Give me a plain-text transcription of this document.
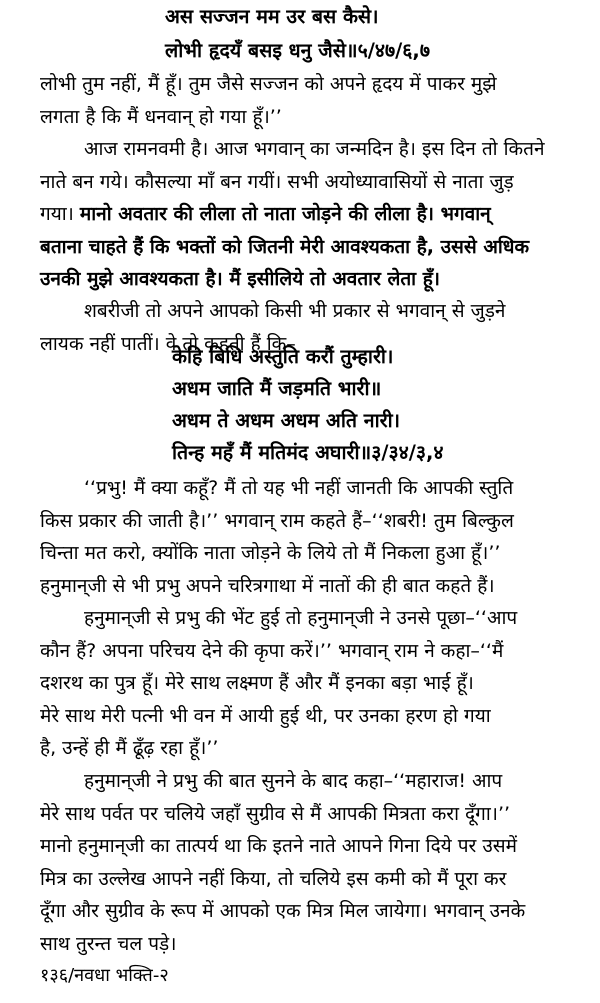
अस सज्जन मम उर बस कैसे।
लोभी हृदयँ बसइ धनु जैसे॥५/४७/६,७
लोभी तुम नहीं, मैं हूँ। तुम जैसे सज्जन को अपने हृदय में पाकर मुझे
लगता है कि मैं धनवान् हो गया हूँ।’’
आज रामनवमी है। आज भगवान् का जन्मदिन है। इस दिन तो कितने
नाते बन गये। कौसल्या माँ बन गयीं। सभी अयोध्यावासियों से नाता जुड़
गया। मानो अवतार की लीला तो नाता जोड़ने की लीला है। भगवान्
बताना चाहते हैं कि भक्तों को जितनी मेरी आवश्यकता है, उससे अधिक
उनकी मुझे आवश्यकता है। मैं इसीलिये तो अवतार लेता हूँ।
शबरीजी तो अपने आपको किसी भी प्रकार से भगवान् से जुड़ने
लायक नहीं पातीं। वे तो कहती हैं कि–
केहि बिधि अस्तुति करौं तुम्हारी।
अधम जाति मैं जड़मति भारी॥
अधम ते अधम अधम अति नारी।
तिन्ह महँ मैं मतिमंद अघारी॥३/३४/३,४
‘‘प्रभु! मैं क्या कहूँ? मैं तो यह भी नहीं जानती कि आपकी स्तुति
किस प्रकार की जाती है।’’ भगवान् राम कहते हैं–‘‘शबरी! तुम बिल्कुल
चिन्ता मत करो, क्योंकि नाता जोड़ने के लिये तो मैं निकला हुआ हूँ।’’
हनुमान्‌जी से भी प्रभु अपने चरित्रगाथा में नातों की ही बात कहते हैं।
हनुमान्‌जी से प्रभु की भेंट हुई तो हनुमान्‌जी ने उनसे पूछा–‘‘आप
कौन हैं? अपना परिचय देने की कृपा करें।’’ भगवान् राम ने कहा–‘‘मैं
दशरथ का पुत्र हूँ। मेरे साथ लक्ष्मण हैं और मैं इनका बड़ा भाई हूँ।
मेरे साथ मेरी पत्नी भी वन में आयी हुई थी, पर उनका हरण हो गया
है, उन्हें ही मैं ढूँढ़ रहा हूँ।’’
हनुमान्‌जी ने प्रभु की बात सुनने के बाद कहा–‘‘महाराज! आप
मेरे साथ पर्वत पर चलिये जहाँ सुग्रीव से मैं आपकी मित्रता करा दूँगा।’’
मानो हनुमान्‌जी का तात्पर्य था कि इतने नाते आपने गिना दिये पर उसमें
मित्र का उल्लेख आपने नहीं किया, तो चलिये इस कमी को मैं पूरा कर
दूँगा और सुग्रीव के रूप में आपको एक मित्र मिल जायेगा। भगवान् उनके
साथ तुरन्त चल पड़े।
१३६/नवधा भक्ति-२
